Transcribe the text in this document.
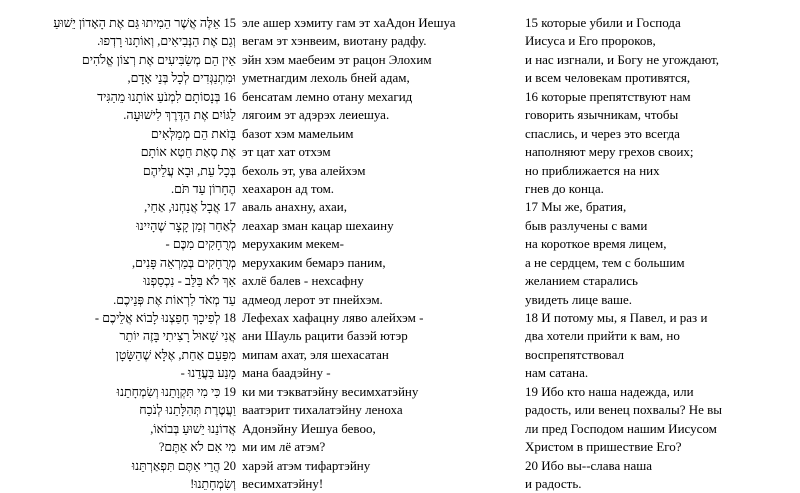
15 אֵלֶּה אֲשֶׁר הֵמִיתוּ גַּם אֶת הָאָדוֹן יֵשׁוּעַ
וְגַם אֶת הַנְּבִיאִים, וְאוֹתָנוּ רָדְפוּ.
אֵין הֵם מְשַׂבִּיעִים אֶת רְצוֹן אֱלֹהִים
וּמִתְנַגְּדִים לְכָל בְּנֵי אָדָם,
16 בְּנָסוֹתָם לִמְנֹעַ אוֹתָנוּ מֵהַגִּיד
לַגּוֹיִם אֶת הַדֶּרֶךְ לִישׁוּעָה.
בָּזֹאת הֵם מְמַלְּאִים
אֶת סְאַת חֵטְא אוֹתָם
בְּכָל עֵת, וּבָא עֲלֵיהֶם
הֶחָרוֹן עַד תֹּם.
17 אֲבָל אֲנַחְנוּ, אַחַי,
לְאַחַר זְמַן קָצָר שֶׁהָיִינוּ
מְרֻחָקִים מִכֶּם -
מְרֻחָקִים בְּמַרְאֵה פָּנִים,
אַךְ לֹא בַּלֵּב - נִכְסַפְנוּ
עַד מְאֹד לִרְאוֹת אֶת פְּנֵיכֶם.
18 לְפִיכָךְ חָפַצְנוּ לָבוֹא אֲלֵיכֶם -
אֲנִי שָׁאוּל רָצִיתִי בָּזֶה יוֹתֵר
מִפַּעַם אַחַת, אֶלָּא שֶׁהַשָּׂטָן
מָנַע בַּעֲדֵנוּ -
19 כִּי מִי תִּקְוָתֵנוּ וְשִׂמְחָתֵנוּ
וַעֲטֶרֶת תְּהִלָּתֵנוּ לְנֹכַח
אֲדוֹנֵנוּ יֵשׁוּעַ בְּבוֹאוֹ,
מִי אִם לֹא אַתֶּם?
20 הֲרֵי אַתֶּם תִּפְאַרְתֵּנוּ
וְשִׂמְחָתֵנוּ!
эле ашер хэмиту гам эт хаАдон Иешуа
вегам эт хэнвеим, виотану радфу.
эйн хэм маебеим эт рацон Элохим
уметнагдим лехоль бней адам,
бенсатам лемно отану мехагид
лягоим эт адэрэх леиешуа.
базот хэм мамельим
эт цат хат отхэм
бехоль эт, ува алейхэм
хеахарон ад том.
аваль анахну, ахаи,
леахар зман кацар шехаину
мерухаким мекем-
мерухаким бемарэ паним,
ахлё балев - нехсафну
адмеод лерот эт пнейхэм.
Лефехах хафацну ляво алейхэм -
ани Шауль рацити базэй ютэр
мипам ахат, эля шехасатан
мана баадэйну -
ки ми тэкватэйну весимхатэйну
ваатэрит тихалатэйну леноха
Адонэйну Иешуа бевоо,
ми им лё атэм?
харэй атэм тифартэйну
весимхатэйну!
15 которые убили и Господа
Иисуса и Его пророков,
и нас изгнали, и Богу не угождают,
и всем человекам противятся,
16 которые препятствуют нам
говорить язычникам, чтобы
спаслись, и через это всегда
наполняют меру грехов своих;
но приближается на них
гнев до конца.
17 Мы же, братия,
быв разлучены с вами
на короткое время лицем,
а не сердцем, тем с большим
желанием старались
увидеть лице ваше.
18 И потому мы, я Павел, и раз и
два хотели прийти к вам, но
воспрепятствовал
нам сатана.
19 Ибо кто наша надежда, или
радость, или венец похвалы? Не вы
ли пред Господом нашим Иисусом
Христом в пришествие Его?
20 Ибо вы--слава наша
и радость.
